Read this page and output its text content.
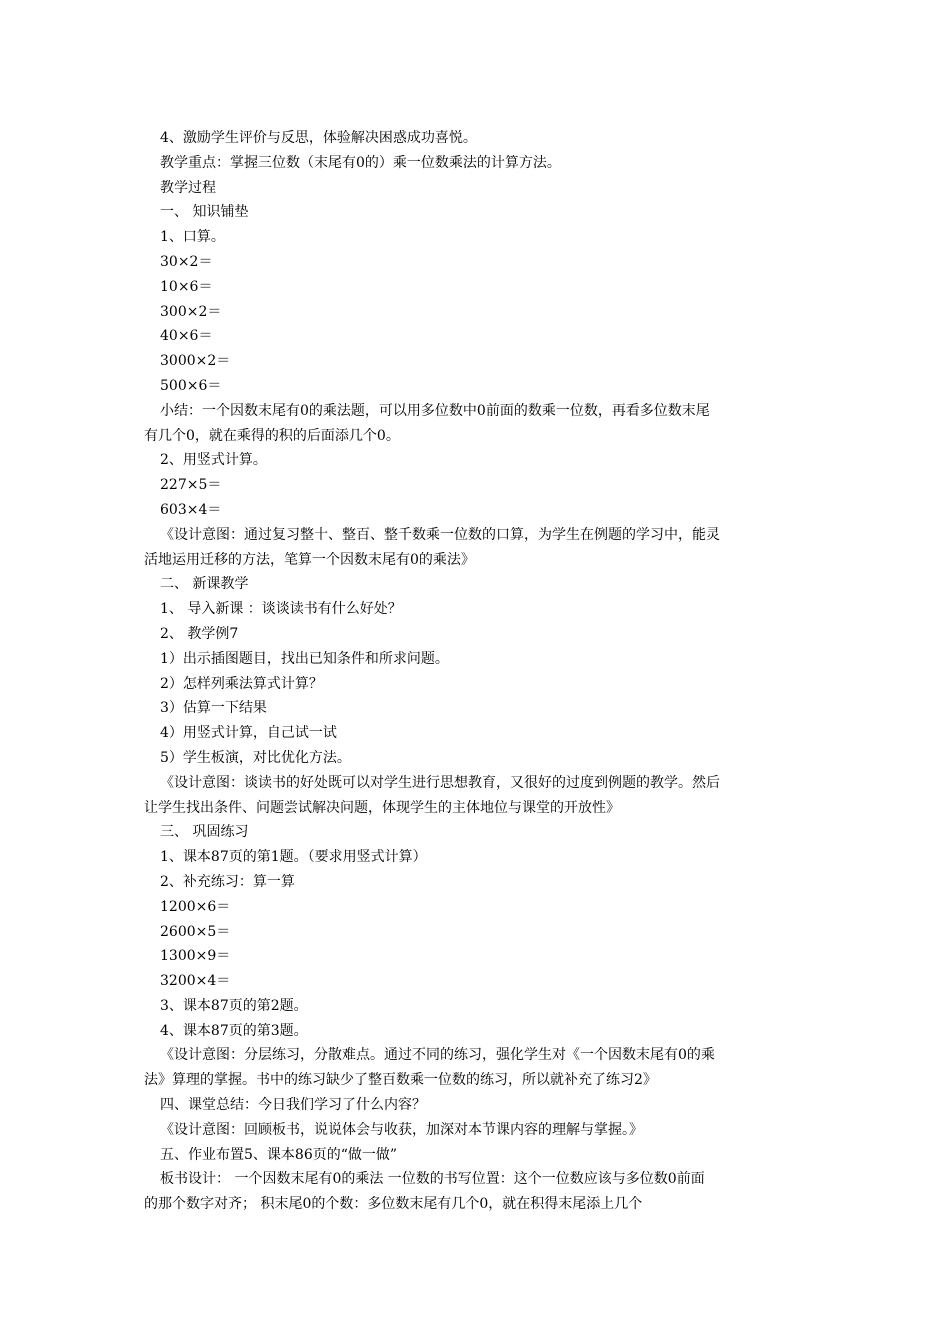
4、激励学生评价与反思，体验解决困惑成功喜悦。
教学重点：掌握三位数（末尾有0的）乘一位数乘法的计算方法。
教学过程
一、 知识铺垫
1、口算。
30×2＝
10×6＝
300×2＝
40×6＝
3000×2＝
500×6＝
小结：一个因数末尾有0的乘法题，可以用多位数中0前面的数乘一位数，再看多位数末尾
有几个0，就在乘得的积的后面添几个0。
2、用竖式计算。
227×5＝
603×4＝
《设计意图：通过复习整十、整百、整千数乘一位数的口算，为学生在例题的学习中，能灵
活地运用迁移的方法，笔算一个因数末尾有0的乘法》
二、 新课教学
1、 导入新课 ：谈谈读书有什么好处？
2、 教学例7
1）出示插图题目，找出已知条件和所求问题。
2）怎样列乘法算式计算？
3）估算一下结果
4）用竖式计算，自己试一试
5）学生板演，对比优化方法。
《设计意图：谈读书的好处既可以对学生进行思想教育，又很好的过度到例题的教学。然后
让学生找出条件、问题尝试解决问题，体现学生的主体地位与课堂的开放性》
三、 巩固练习
1、课本87页的第1题。（要求用竖式计算）
2、补充练习：算一算
1200×6＝
2600×5＝
1300×9＝
3200×4＝
3、课本87页的第2题。
4、课本87页的第3题。
《设计意图：分层练习，分散难点。通过不同的练习，强化学生对《一个因数末尾有0的乘
法》算理的掌握。书中的练习缺少了整百数乘一位数的练习，所以就补充了练习2》
四、课堂总结：今日我们学习了什么内容？
《设计意图：回顾板书，说说体会与收获，加深对本节课内容的理解与掌握。》
五、作业布置5、课本86页的“做一做”
板书设计： 一个因数末尾有0的乘法 一位数的书写位置：这个一位数应该与多位数0前面
的那个数字对齐； 积末尾0的个数：多位数末尾有几个0，就在积得末尾添上几个
